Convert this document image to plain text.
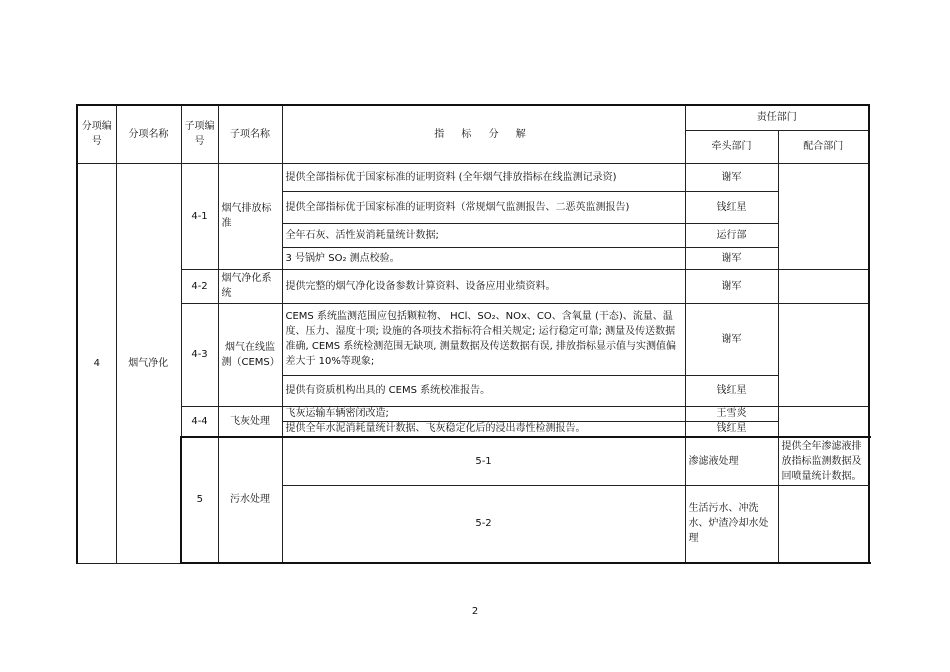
分项编号	分项名称	子项编号	子项名称	指 标 分 解	责任部门		
					牵头部门	配合部门	
4	烟气净化	4-1	烟气排放标准	提供全部指标优于国家标准的证明资料 (全年烟气排放指标在线监测记录资)	谢军		
				提供全部指标优于国家标准的证明资料（常规烟气监测报告、二恶英监测报告)	钱红星		
				全年石灰、活性炭消耗量统计数据;	运行部		
				3 号锅炉 SO₂ 测点校验。	谢军		
		4-2	烟气净化系统	提供完整的烟气净化设备参数计算资料、设备应用业绩资料。	谢军		
		4-3	烟气在线监测（CEMS）	CEMS 系统监测范围应包括颗粒物、 HCl、SO₂、NOx、CO、含氧量 (干态)、流量、温度、压力、湿度十项; 设施的各项技术指标符合相关规定; 运行稳定可靠; 测量及传送数据准确, CEMS 系统检测范围无缺项, 测量数据及传送数据有误, 排放指标显示值与实测值偏差大于 10%等现象;	谢军		
				提供有资质机构出具的 CEMS 系统校准报告。	钱红星		
		4-4	飞灰处理	飞灰运输车辆密闭改造;	王雪炎		
				提供全年水泥消耗量统计数据、飞灰稳定化后的浸出毒性检测报告。	钱红星		
		5	污水处理	5-1	渗滤液处理	提供全年渗滤液排放指标监测数据及回喷量统计数据。		
				5-2	生活污水、冲洗水、炉渣冷却水处理			
2
